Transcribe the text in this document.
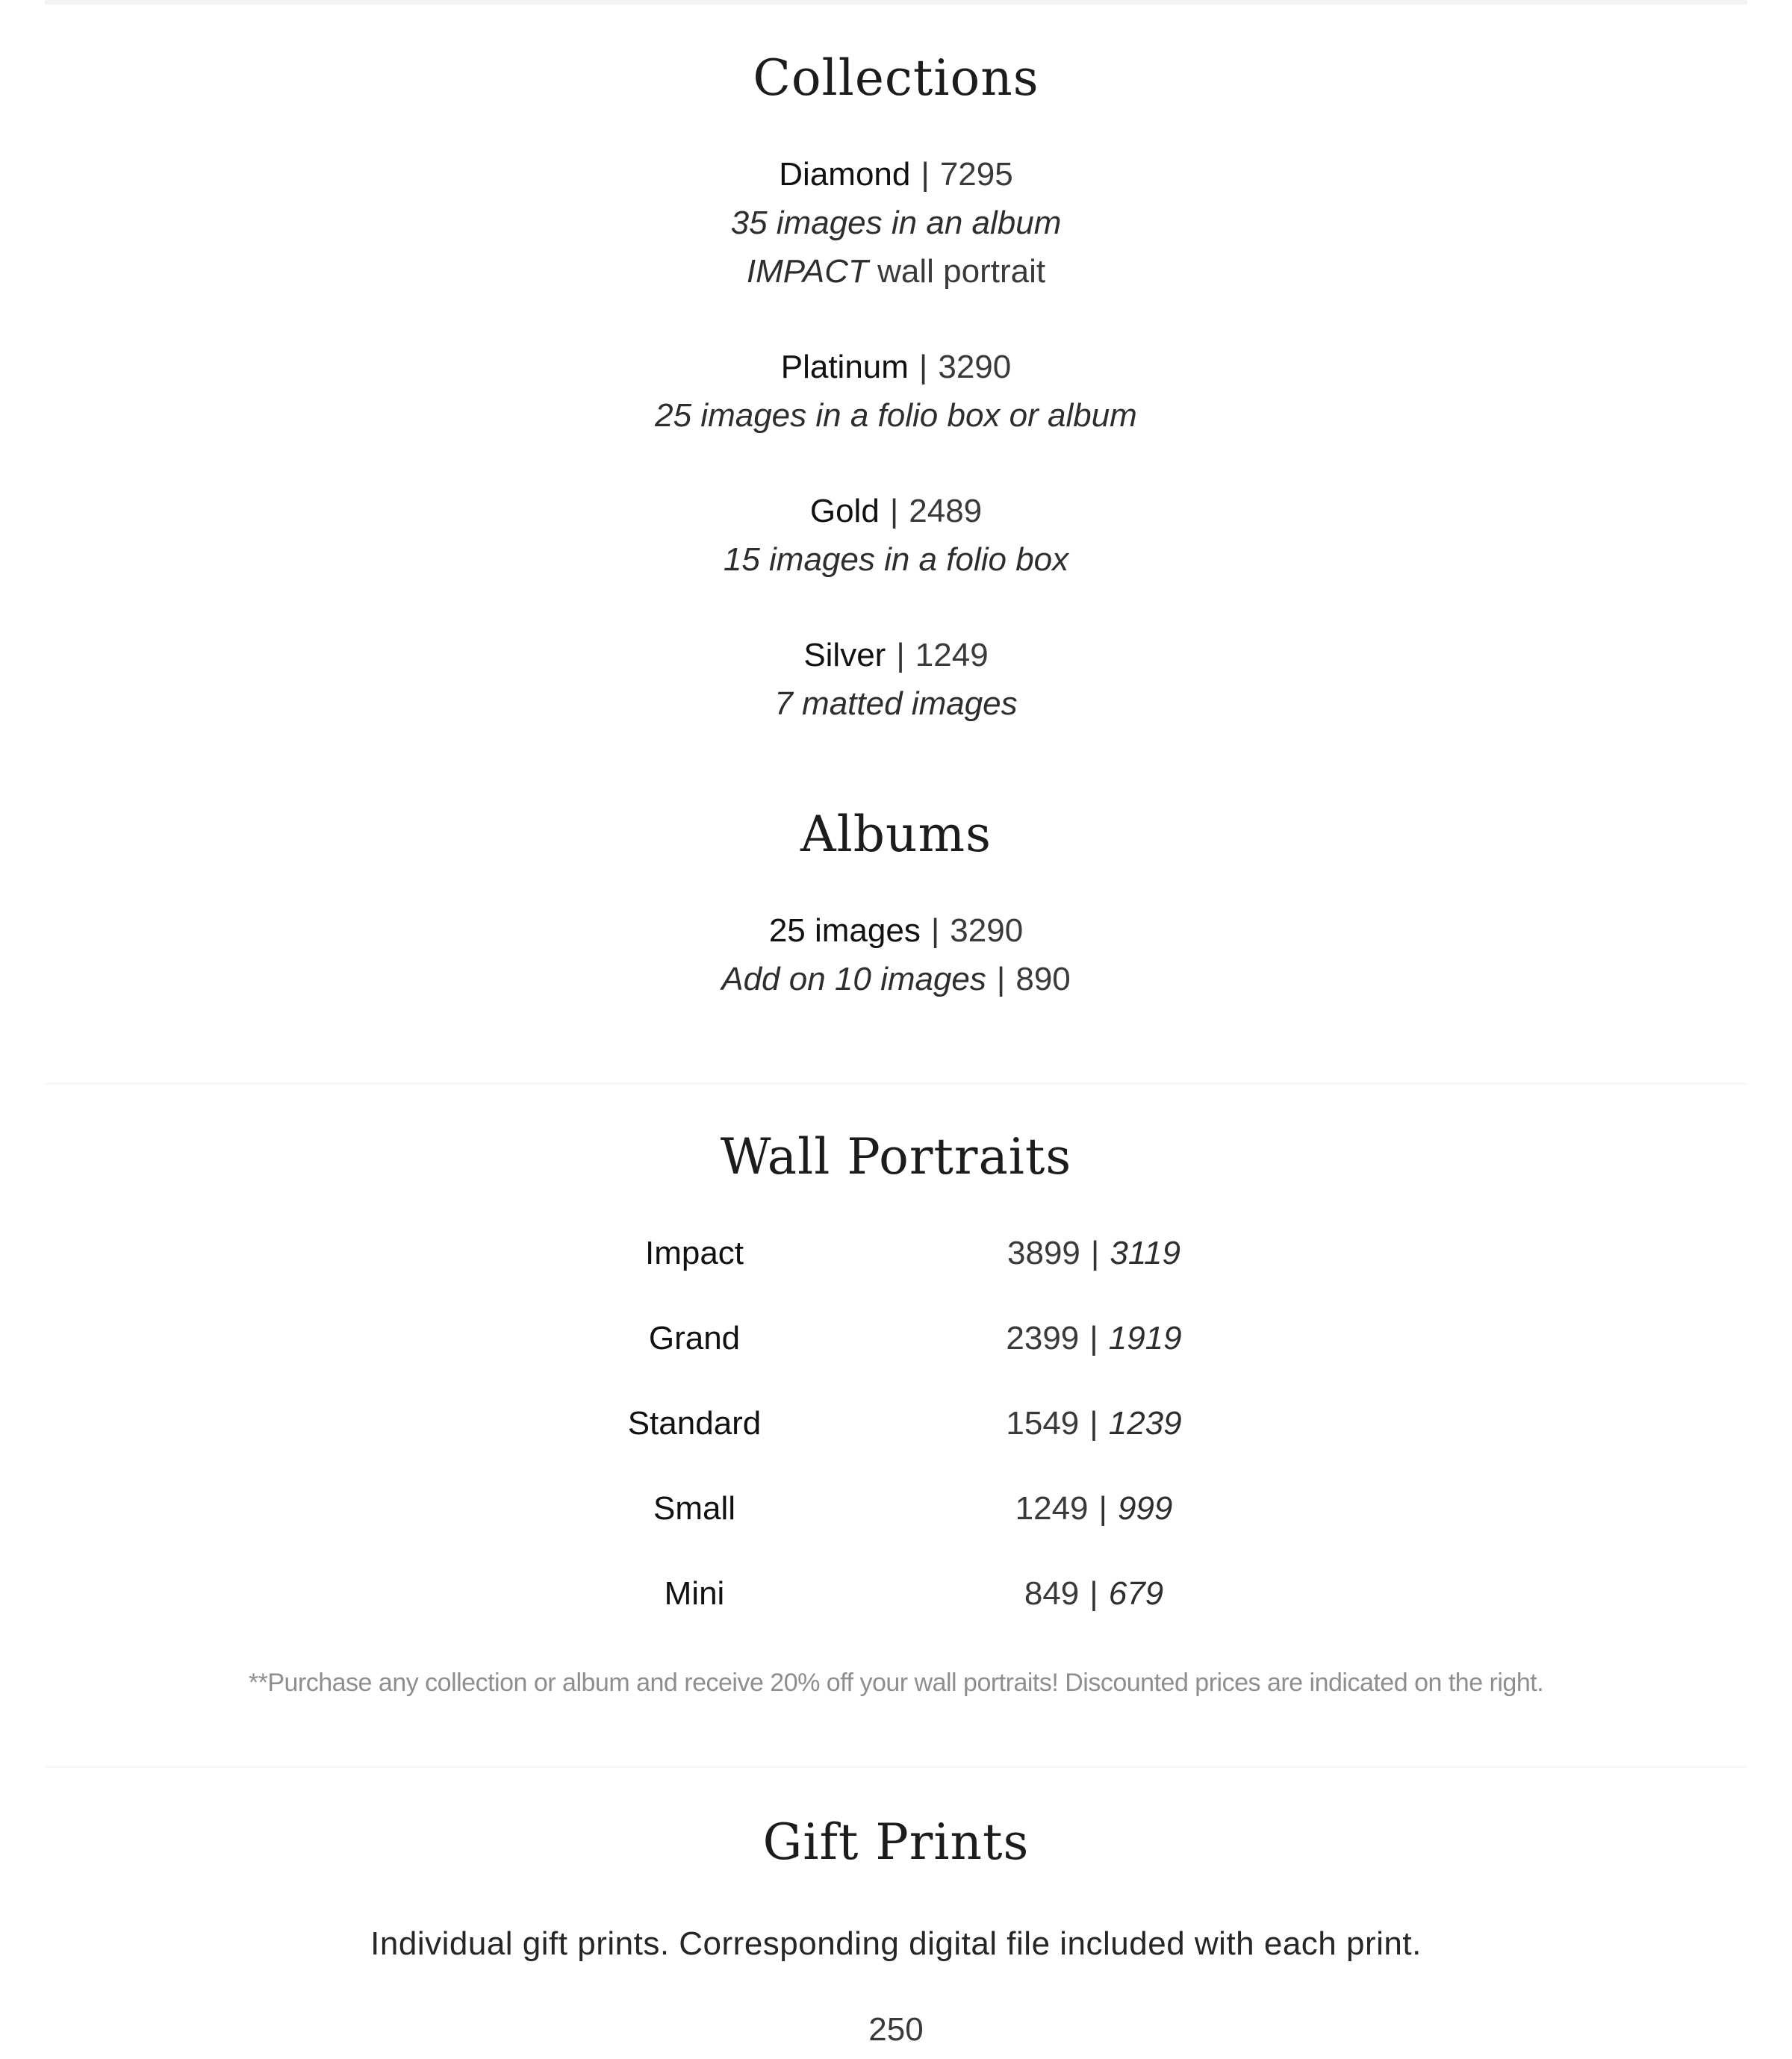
Collections
Diamond | 7295
35 images in an album
IMPACT wall portrait
Platinum | 3290
25 images in a folio box or album
Gold | 2489
15 images in a folio box
Silver | 1249
7 matted images
Albums
25 images | 3290
Add on 10 images | 890
Wall Portraits
Impact	3899 | 3119
Grand	2399 | 1919
Standard	1549 | 1239
Small	1249 | 999
Mini	849 | 679
**Purchase any collection or album and receive 20% off your wall portraits! Discounted prices are indicated on the right.
Gift Prints
Individual gift prints. Corresponding digital file included with each print.
250
